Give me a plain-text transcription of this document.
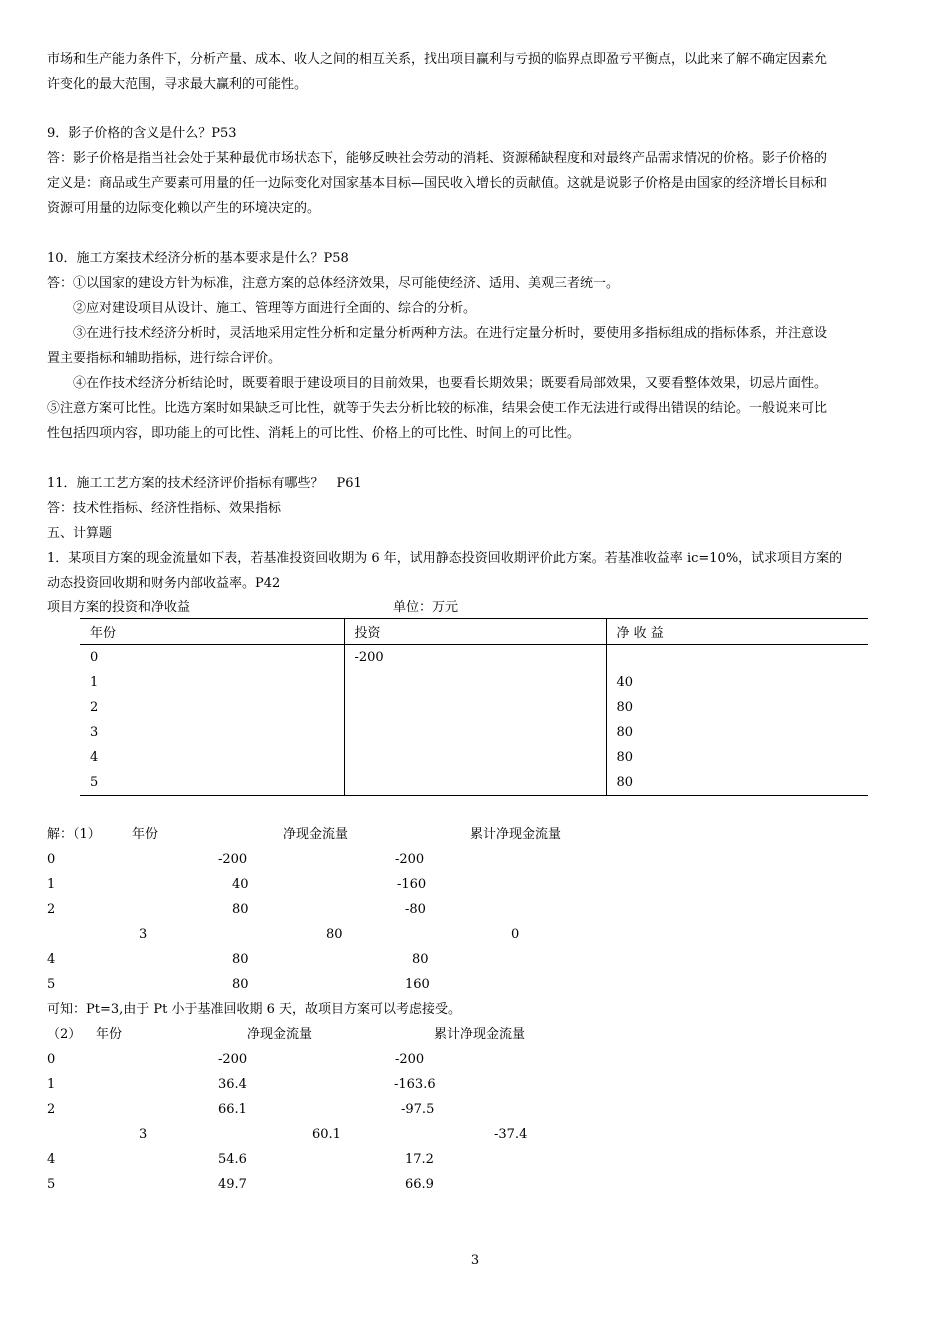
市场和生产能力条件下，分析产量、成本、收人之间的相互关系，找出项目赢利与亏损的临界点即盈亏平衡点，以此来了解不确定因素允
许变化的最大范围，寻求最大赢利的可能性。
9．影子价格的含义是什么？P53
答：影子价格是指当社会处于某种最优市场状态下，能够反映社会劳动的消耗、资源稀缺程度和对最终产品需求情况的价格。影子价格的
定义是：商品或生产要素可用量的任一边际变化对国家基本目标—国民收入增长的贡献值。这就是说影子价格是由国家的经济增长目标和
资源可用量的边际变化赖以产生的环境决定的。
10．施工方案技术经济分析的基本要求是什么？P58
答：①以国家的建设方针为标准，注意方案的总体经济效果，尽可能使经济、适用、美观三者统一。
②应对建设项目从设计、施工、管理等方面进行全面的、综合的分析。
③在进行技术经济分析时，灵活地采用定性分析和定量分析两种方法。在进行定量分析时，要使用多指标组成的指标体系，并注意设
置主要指标和辅助指标，进行综合评价。
④在作技术经济分析结论时，既要着眼于建设项目的目前效果，也要看长期效果；既要看局部效果，又要看整体效果，切忌片面性。
⑤注意方案可比性。比选方案时如果缺乏可比性，就等于失去分析比较的标准，结果会使工作无法进行或得出错误的结论。一般说来可比
性包括四项内容，即功能上的可比性、消耗上的可比性、价格上的可比性、时间上的可比性。
11．施工工艺方案的技术经济评价指标有哪些？　P61
答：技术性指标、经济性指标、效果指标
五、计算题
1．某项目方案的现金流量如下表，若基准投资回收期为 6 年，试用静态投资回收期评价此方案。若基准收益率 ic=10%，试求项目方案的
动态投资回收期和财务内部收益率。P42
项目方案的投资和净收益	单位：万元
年份	投资	净 收 益
0	-200	
1		40
2		80
3		80
4		80
5		80
解：（1） 年份	净现金流量	累计净现金流量
0	-200	-200
1	40	-160
2	80	-80
3	80	0
4	80	80
5	80	160
可知：Pt=3,由于 Pt 小于基准回收期 6 天，故项目方案可以考虑接受。
（2） 年份	净现金流量	累计净现金流量
0	-200	-200
1	36.4	-163.6
2	66.1	-97.5
3	60.1	-37.4
4	54.6	17.2
5	49.7	66.9
3
